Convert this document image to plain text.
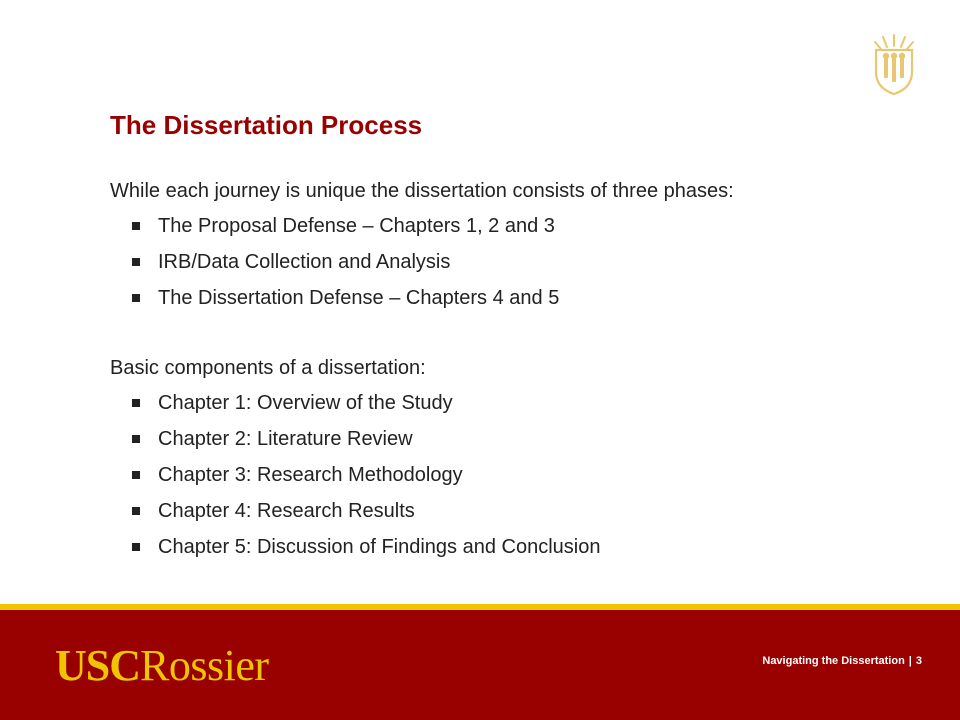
The Dissertation Process

While each journey is unique the dissertation consists of three phases:

The Proposal Defense – Chapters 1, 2 and 3
IRB/Data Collection and Analysis
The Dissertation Defense – Chapters 4 and 5

Basic components of a dissertation:

Chapter 1: Overview of the Study
Chapter 2: Literature Review
Chapter 3: Research Methodology
Chapter 4: Research Results
Chapter 5: Discussion of Findings and Conclusion
USC Rossier	Navigating the Dissertation | 3
